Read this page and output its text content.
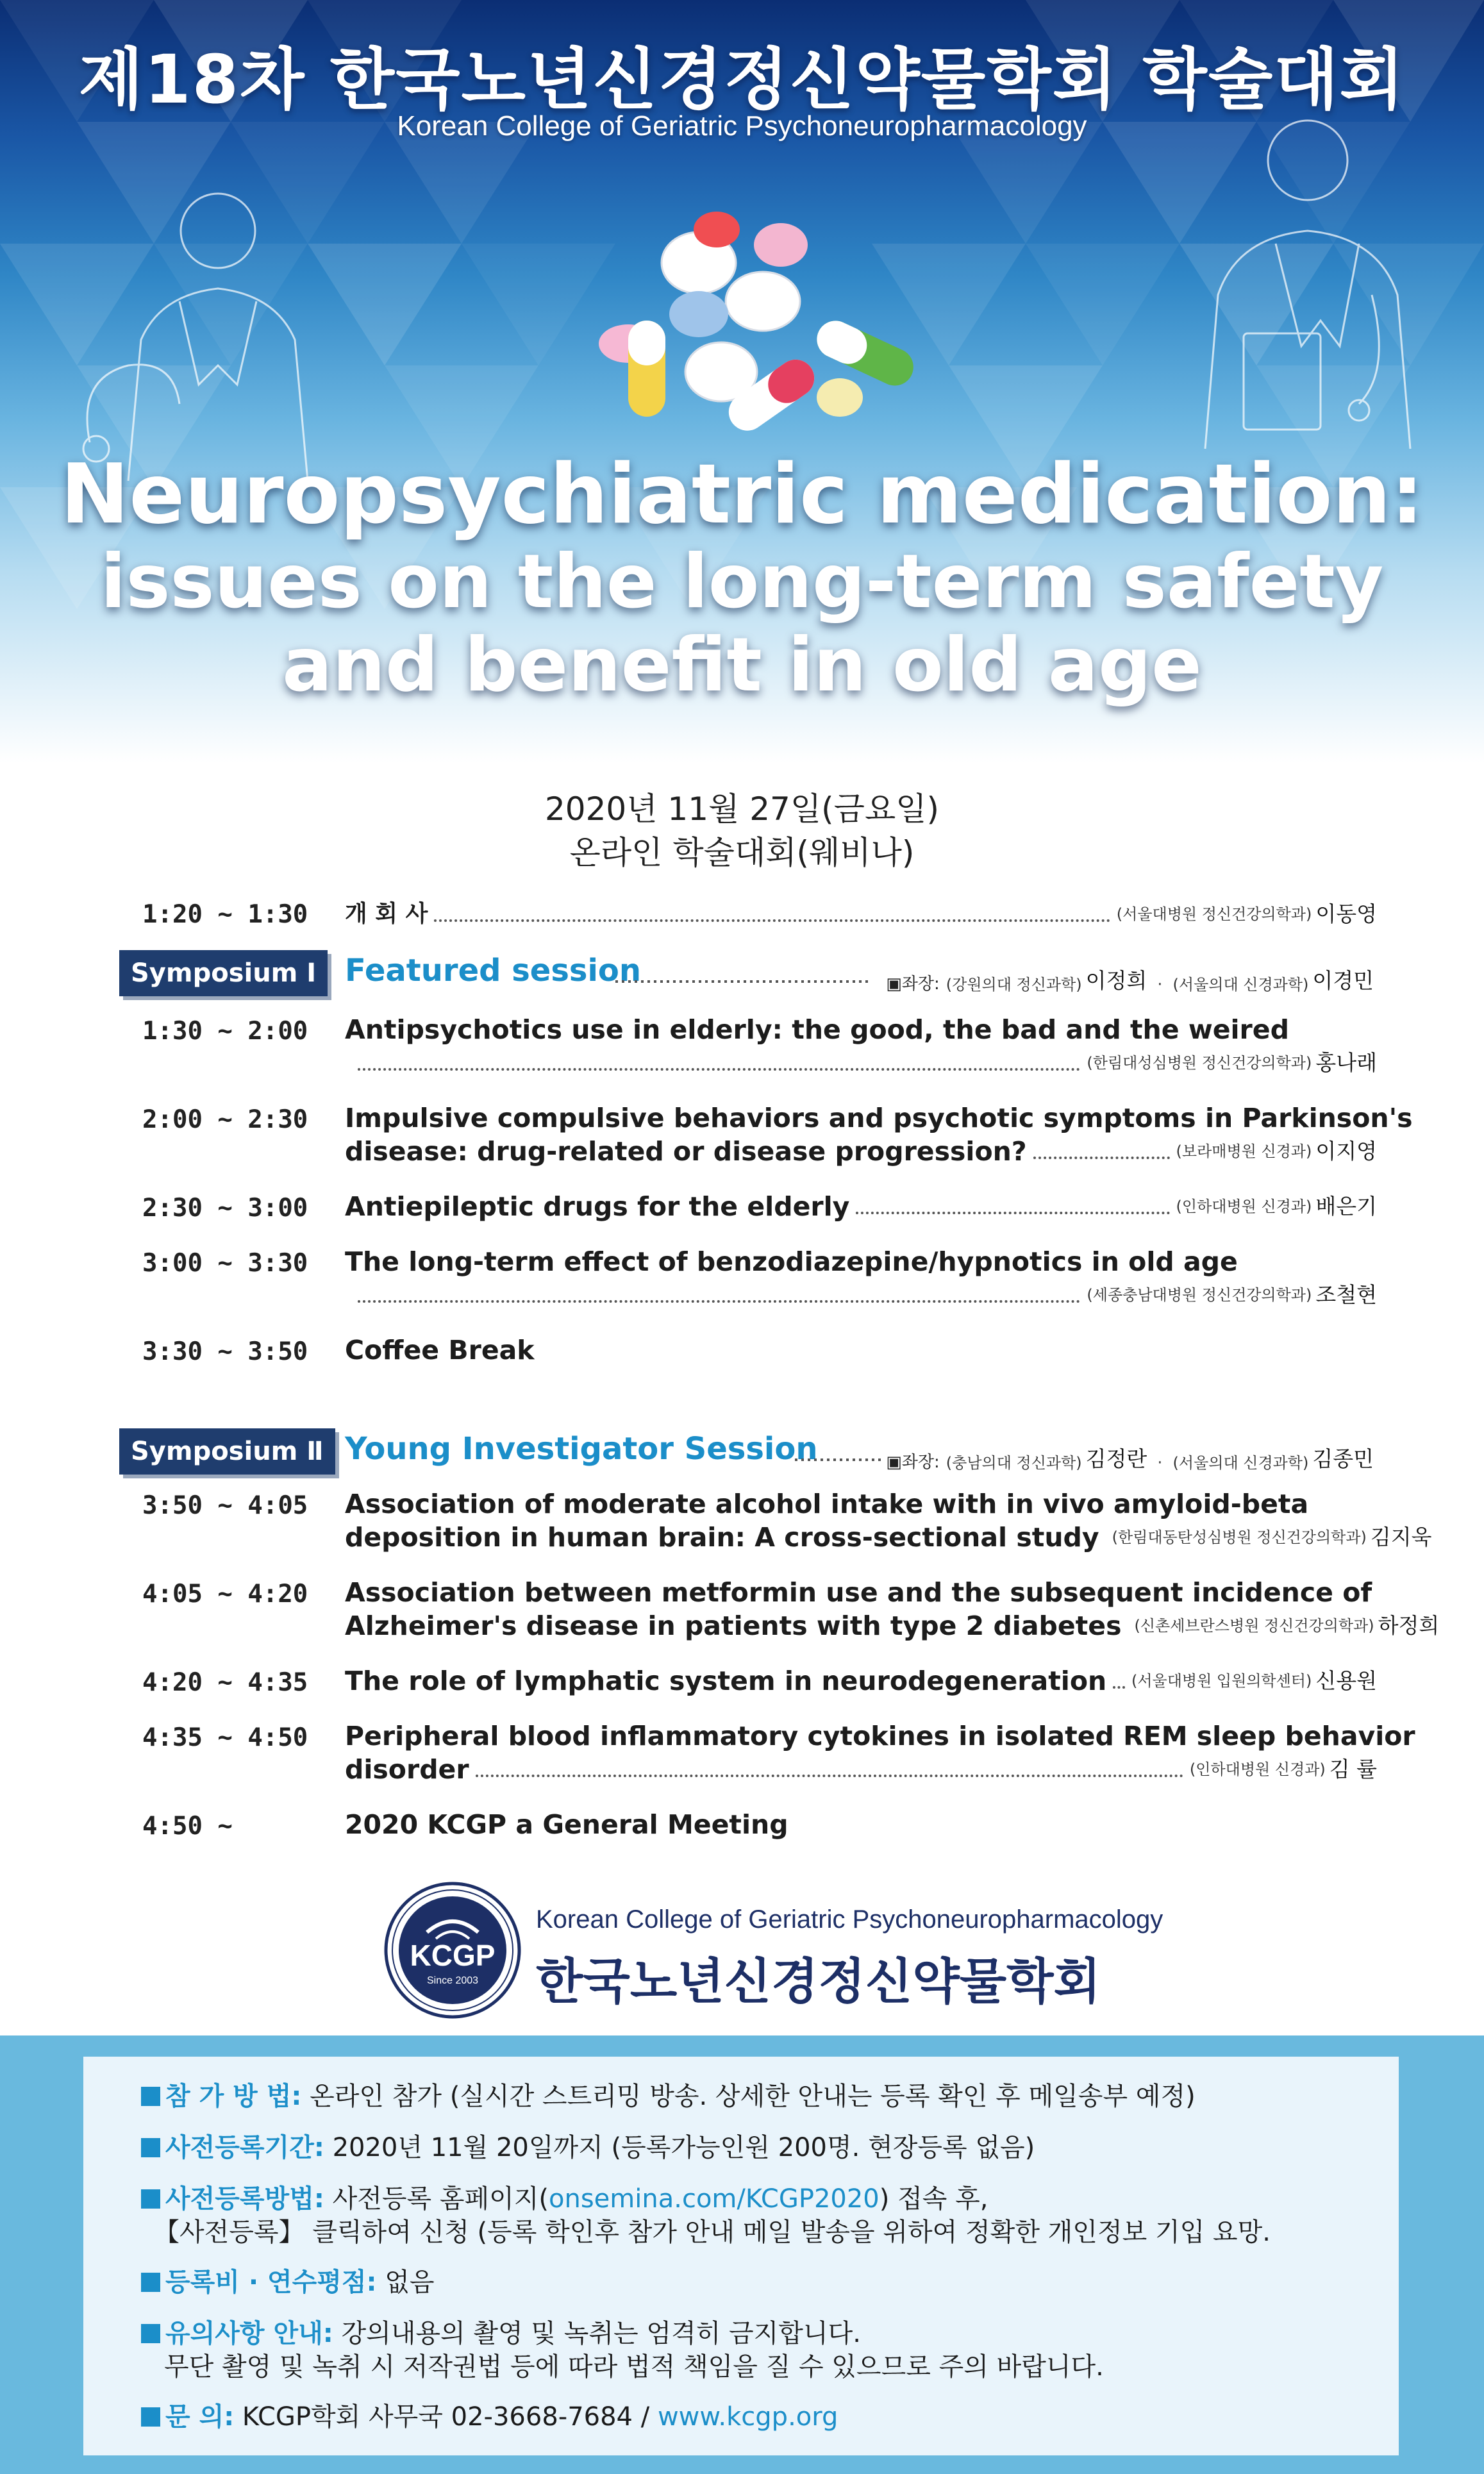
제18차 한국노년신경정신약물학회 학술대회
Korean College of Geriatric Psychoneuropharmacology
Neuropsychiatric medication:
issues on the long-term safety
and benefit in old age
2020년 11월 27일(금요일)
온라인 학술대회(웨비나)
1:20 ~ 1:30 개 회 사	(서울대병원 정신건강의학과) 이동영
Symposium Ⅰ Featured session	▣좌장: (강원의대 정신과학) 이정희 · (서울의대 신경과학) 이경민
1:30 ~ 2:00 Antipsychotics use in elderly: the good, the bad and the weired
(한림대성심병원 정신건강의학과) 홍나래
2:00 ~ 2:30 Impulsive compulsive behaviors and psychotic symptoms in Parkinson's
disease: drug-related or disease progression?	(보라매병원 신경과) 이지영
2:30 ~ 3:00 Antiepileptic drugs for the elderly	(인하대병원 신경과) 배은기
3:00 ~ 3:30 The long-term effect of benzodiazepine/hypnotics in old age
(세종충남대병원 정신건강의학과) 조철현
3:30 ~ 3:50 Coffee Break
Symposium Ⅱ Young Investigator Session	▣좌장: (충남의대 정신과학) 김정란 · (서울의대 신경과학) 김종민
3:50 ~ 4:05 Association of moderate alcohol intake with in vivo amyloid-beta
deposition in human brain: A cross-sectional study (한림대동탄성심병원 정신건강의학과) 김지욱
4:05 ~ 4:20 Association between metformin use and the subsequent incidence of
Alzheimer's disease in patients with type 2 diabetes (신촌세브란스병원 정신건강의학과) 하정희
4:20 ~ 4:35 The role of lymphatic system in neurodegeneration (서울대병원 입원의학센터) 신용원
4:35 ~ 4:50 Peripheral blood inflammatory cytokines in isolated REM sleep behavior
disorder	(인하대병원 신경과) 김 률
4:50 ~	2020 KCGP a General Meeting
KCGP
Since 2003
Korean College of Geriatric Psychoneuropharmacology
한국노년신경정신약물학회
참 가 방 법: 온라인 참가 (실시간 스트리밍 방송. 상세한 안내는 등록 확인 후 메일송부 예정)
사전등록기간: 2020년 11월 20일까지 (등록가능인원 200명. 현장등록 없음)
사전등록방법: 사전등록 홈페이지(onsemina.com/KCGP2020) 접속 후,
【사전등록】 클릭하여 신청 (등록 학인후 참가 안내 메일 발송을 위하여 정확한 개인정보 기입 요망.
등록비 · 연수평점: 없음
유의사항 안내: 강의내용의 촬영 및 녹취는 엄격히 금지합니다.
무단 촬영 및 녹취 시 저작권법 등에 따라 법적 책임을 질 수 있으므로 주의 바랍니다.
문 의: KCGP학회 사무국 02-3668-7684 / www.kcgp.org
